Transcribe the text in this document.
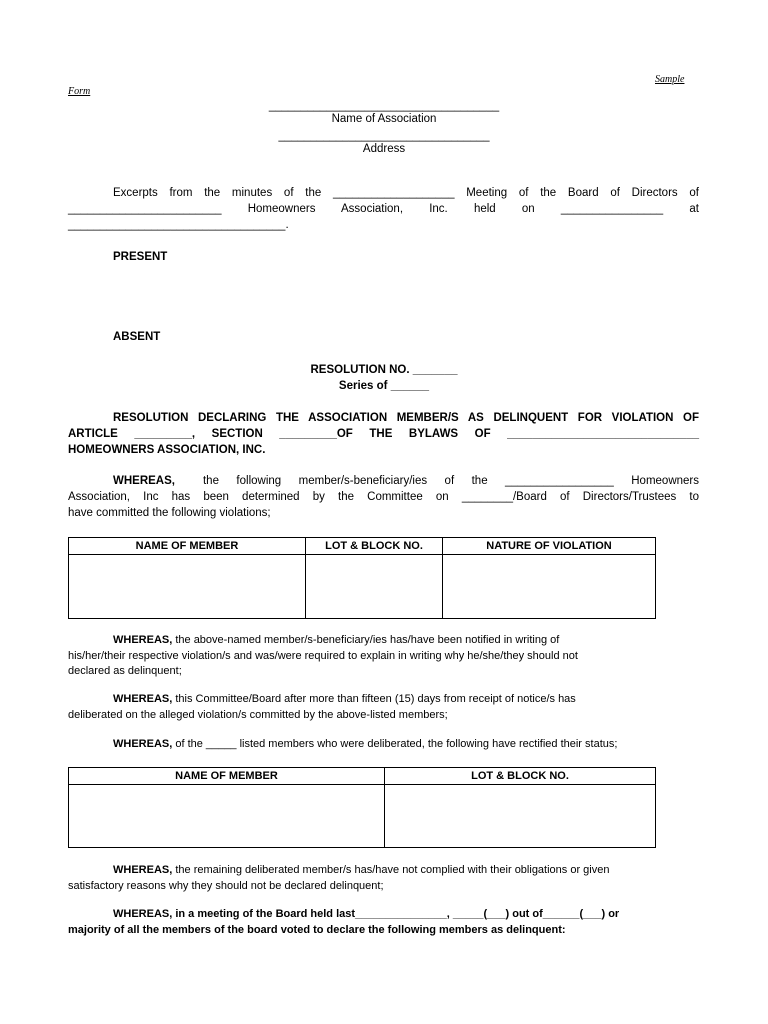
Sample
Form
____________________________________
Name of Association
_________________________________
Address
Excerpts from the minutes of the ___________________ Meeting of the Board of Directors of
________________________ Homeowners Association, Inc. held on ________________ at
__________________________________.
PRESENT
ABSENT
RESOLUTION NO. _______
Series of ______
RESOLUTION DECLARING THE ASSOCIATION MEMBER/S AS DELINQUENT FOR VIOLATION OF
ARTICLE _________, SECTION _________OF THE BYLAWS OF ______________________________
HOMEOWNERS ASSOCIATION, INC.
WHEREAS, the following member/s-beneficiary/ies of the _________________ Homeowners
Association, Inc has been determined by the Committee on ________/Board of Directors/Trustees to
have committed the following violations;
NAME OF MEMBER	LOT & BLOCK NO.	NATURE OF VIOLATION

WHEREAS, the above-named member/s-beneficiary/ies has/have been notified in writing of
his/her/their respective violation/s and was/were required to explain in writing why he/she/they should not
declared as delinquent;
WHEREAS, this Committee/Board after more than fifteen (15) days from receipt of notice/s has
deliberated on the alleged violation/s committed by the above-listed members;
WHEREAS, of the _____ listed members who were deliberated, the following have rectified their status;
NAME OF MEMBER	LOT & BLOCK NO.

WHEREAS, the remaining deliberated member/s has/have not complied with their obligations or given
satisfactory reasons why they should not be declared delinquent;
WHEREAS, in a meeting of the Board held last_______________, _____(___) out of______(___) or
majority of all the members of the board voted to declare the following members as delinquent:
